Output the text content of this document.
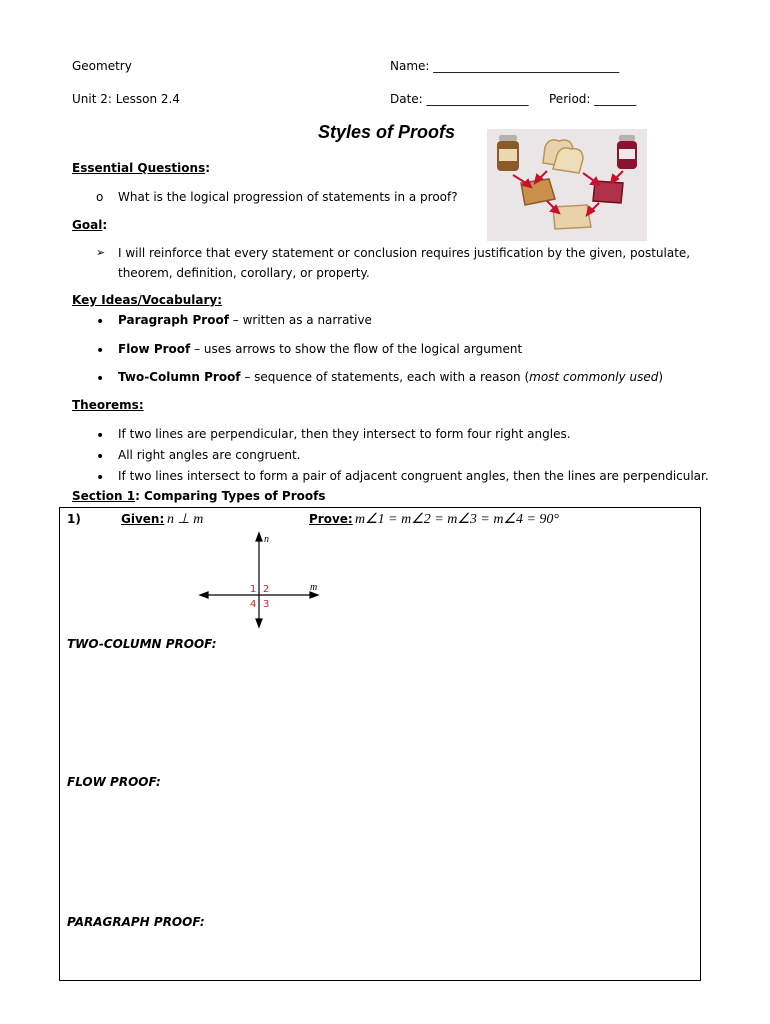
Geometry	Name: _______________________________
Unit 2: Lesson 2.4	Date: _________________ Period: _______
Styles of Proofs
Essential Questions:
o What is the logical progression of statements in a proof?
Goal:
➢ I will reinforce that every statement or conclusion requires justification by the given, postulate,
theorem, definition, corollary, or property.
Key Ideas/Vocabulary:
• Paragraph Proof – written as a narrative
• Flow Proof – uses arrows to show the flow of the logical argument
• Two-Column Proof – sequence of statements, each with a reason (most commonly used)
Theorems:
• If two lines are perpendicular, then they intersect to form four right angles.
• All right angles are congruent.
• If two lines intersect to form a pair of adjacent congruent angles, then the lines are perpendicular.
Section 1: Comparing Types of Proofs
1)	Given: n ⊥ m	Prove: m∠1 = m∠2 = m∠3 = m∠4 = 90°
n
m
1 2
4 3
TWO-COLUMN PROOF:
FLOW PROOF:
PARAGRAPH PROOF:
